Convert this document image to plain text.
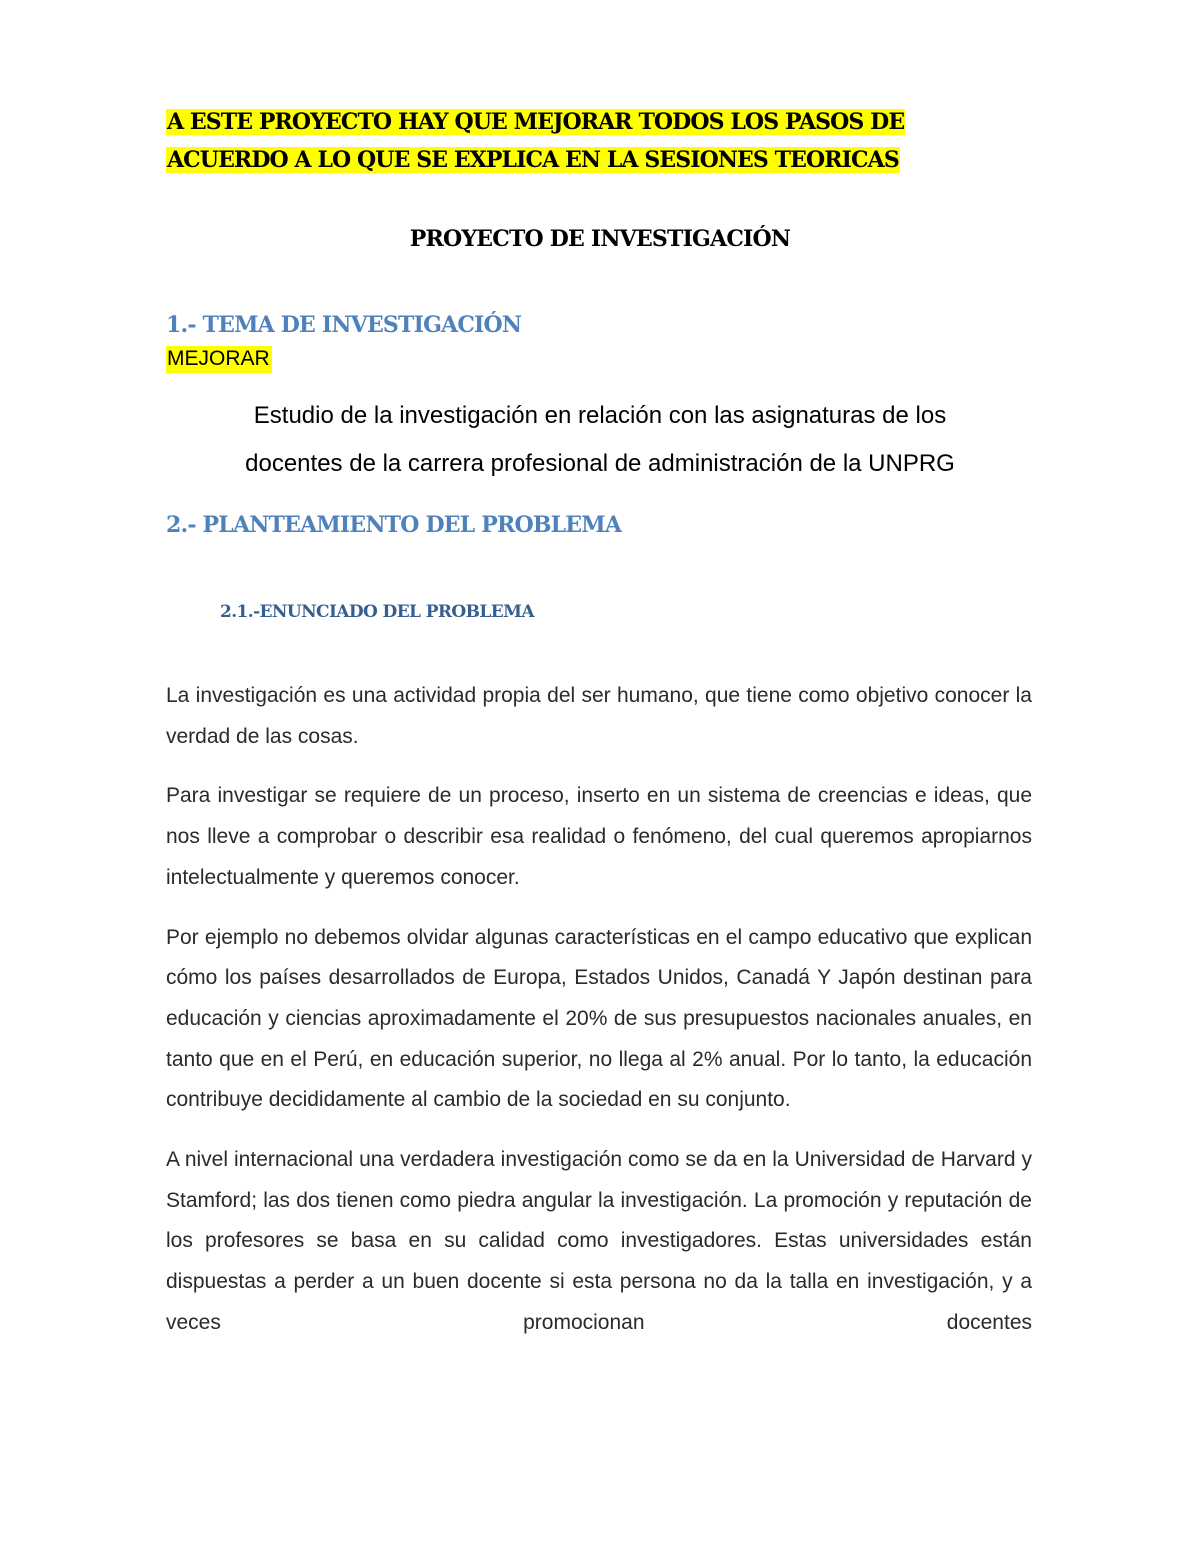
A ESTE PROYECTO HAY QUE MEJORAR TODOS LOS PASOS DE
ACUERDO A LO QUE SE EXPLICA EN LA SESIONES TEORICAS
PROYECTO DE INVESTIGACIÓN
1.- TEMA DE INVESTIGACIÓN
MEJORAR
Estudio de la investigación en relación con las asignaturas de los
docentes de la carrera profesional de administración de la UNPRG
2.- PLANTEAMIENTO DEL PROBLEMA
2.1.-ENUNCIADO DEL PROBLEMA

La investigación es una actividad propia del ser humano, que tiene como objetivo conocer la verdad de las cosas.

Para investigar se requiere de un proceso, inserto en un sistema de creencias e ideas, que nos lleve a comprobar o describir esa realidad o fenómeno, del cual queremos apropiarnos intelectualmente y queremos conocer.

Por ejemplo no debemos olvidar algunas características en el campo educativo que explican cómo los países desarrollados de Europa, Estados Unidos, Canadá Y Japón destinan para educación y ciencias aproximadamente el 20% de sus presupuestos nacionales anuales, en tanto que en el Perú, en educación superior, no llega al 2% anual. Por lo tanto, la educación contribuye decididamente al cambio de la sociedad en su conjunto.

A nivel internacional una verdadera investigación como se da en la Universidad de Harvard y Stamford; las dos tienen como piedra angular la investigación. La promoción y reputación de los profesores se basa en su calidad como investigadores. Estas universidades están dispuestas a perder a un buen docente si esta persona no da la talla en investigación, y a veces promocionan docentes
